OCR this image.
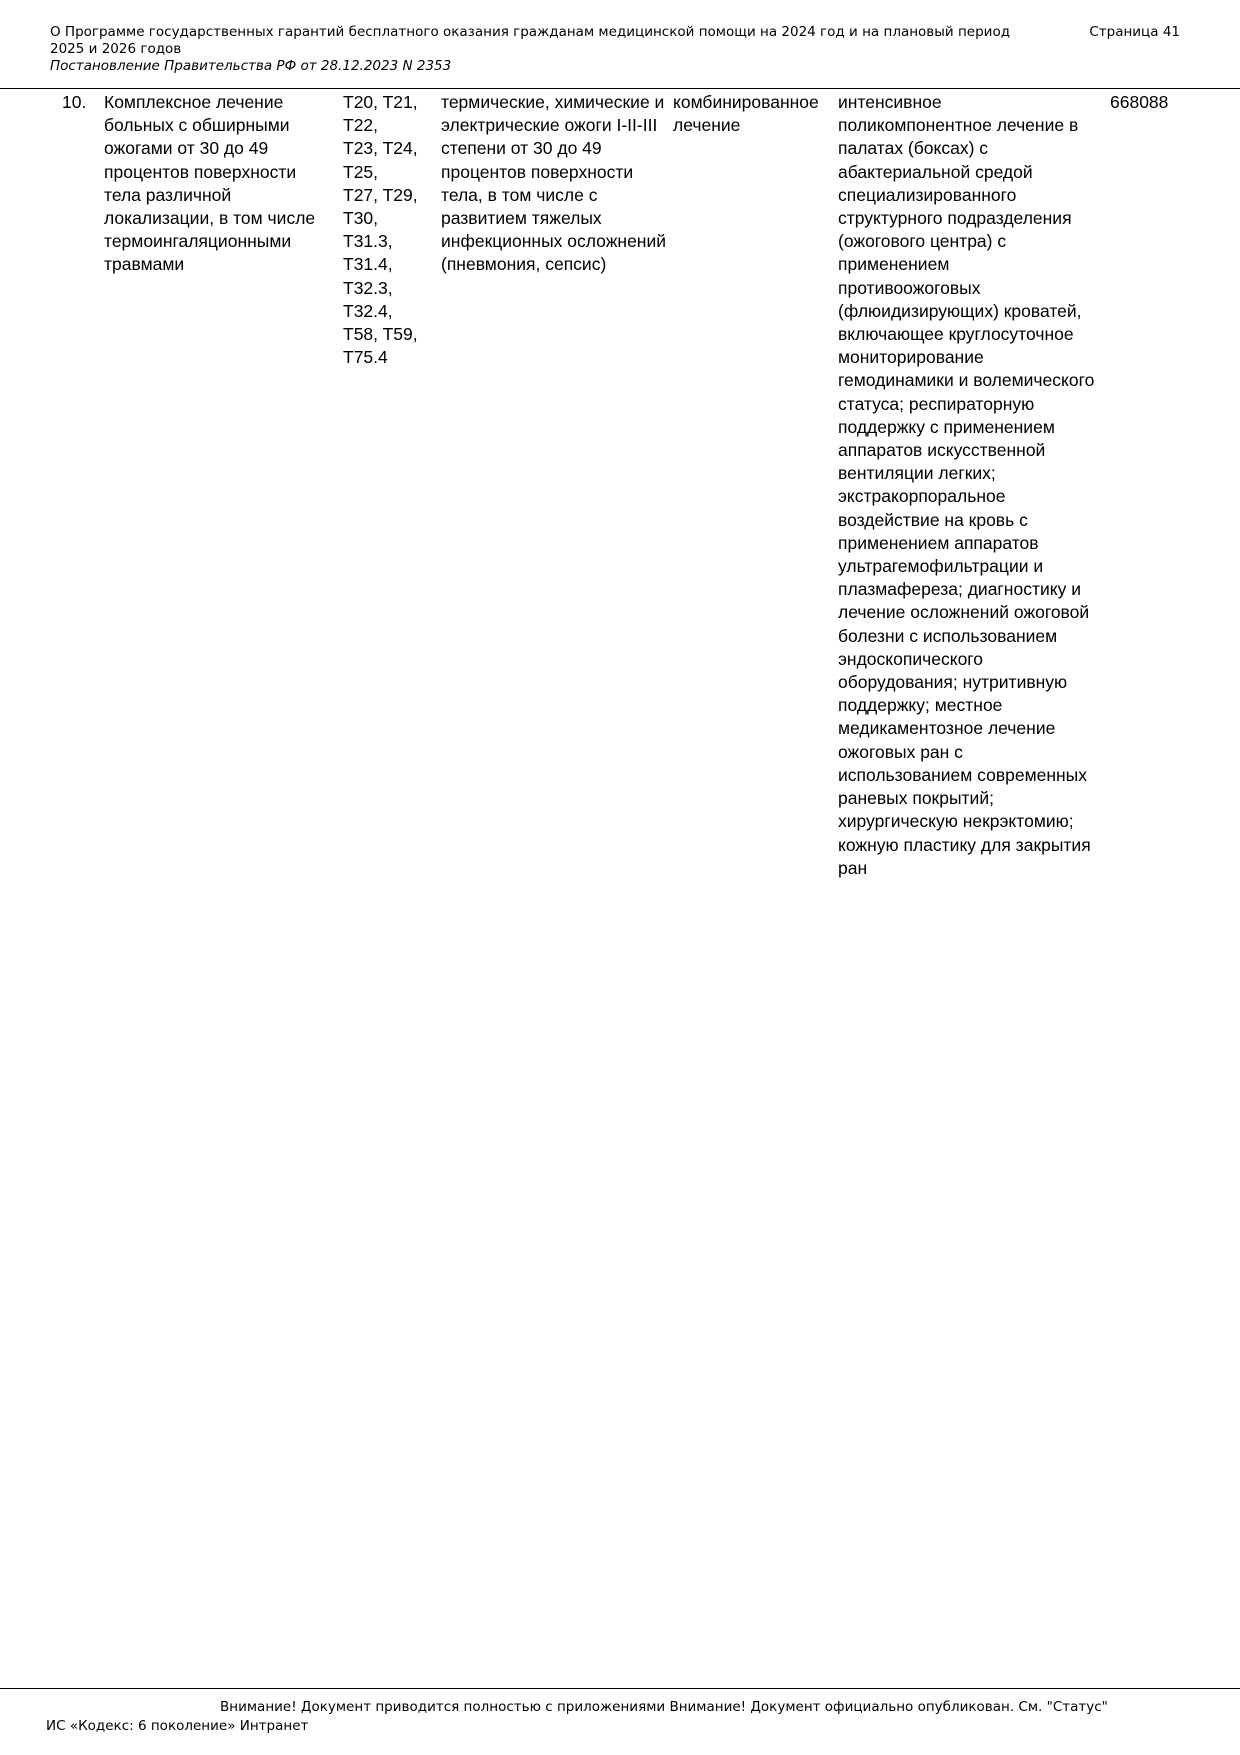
О Программе государственных гарантий бесплатного оказания гражданам медицинской помощи на 2024 год и на плановый период 2025 и 2026 годов
Постановление Правительства РФ от 28.12.2023 N 2353
Страница 41
10.	Комплексное лечение больных с обширными ожогами от 30 до 49 процентов поверхности тела различной локализации, в том числе термоингаляционными травмами
T20, T21,
T22,
T23, T24,
T25,
T27, T29,
T30,
T31.3,
T31.4,
T32.3,
T32.4,
T58, T59,
T75.4
термические, химические и электрические ожоги I-II-III степени от 30 до 49 процентов поверхности тела, в том числе с развитием тяжелых инфекционных осложнений (пневмония, сепсис)
комбинированное лечение
интенсивное поликомпонентное лечение в палатах (боксах) с абактериальной средой специализированного структурного подразделения (ожогового центра) с применением противоожоговых (флюидизирующих) кроватей, включающее круглосуточное мониторирование гемодинамики и волемического статуса; респираторную поддержку с применением аппаратов искусственной вентиляции легких; экстракорпоральное воздействие на кровь с применением аппаратов ультрагемофильтрации и плазмафереза; диагностику и лечение осложнений ожоговой болезни с использованием эндоскопического оборудования; нутритивную поддержку; местное медикаментозное лечение ожоговых ран с использованием современных раневых покрытий; хирургическую некрэктомию; кожную пластику для закрытия ран
668088
Внимание! Документ приводится полностью с приложениями Внимание! Документ официально опубликован. См. "Статус"
ИС «Кодекс: 6 поколение» Интранет
